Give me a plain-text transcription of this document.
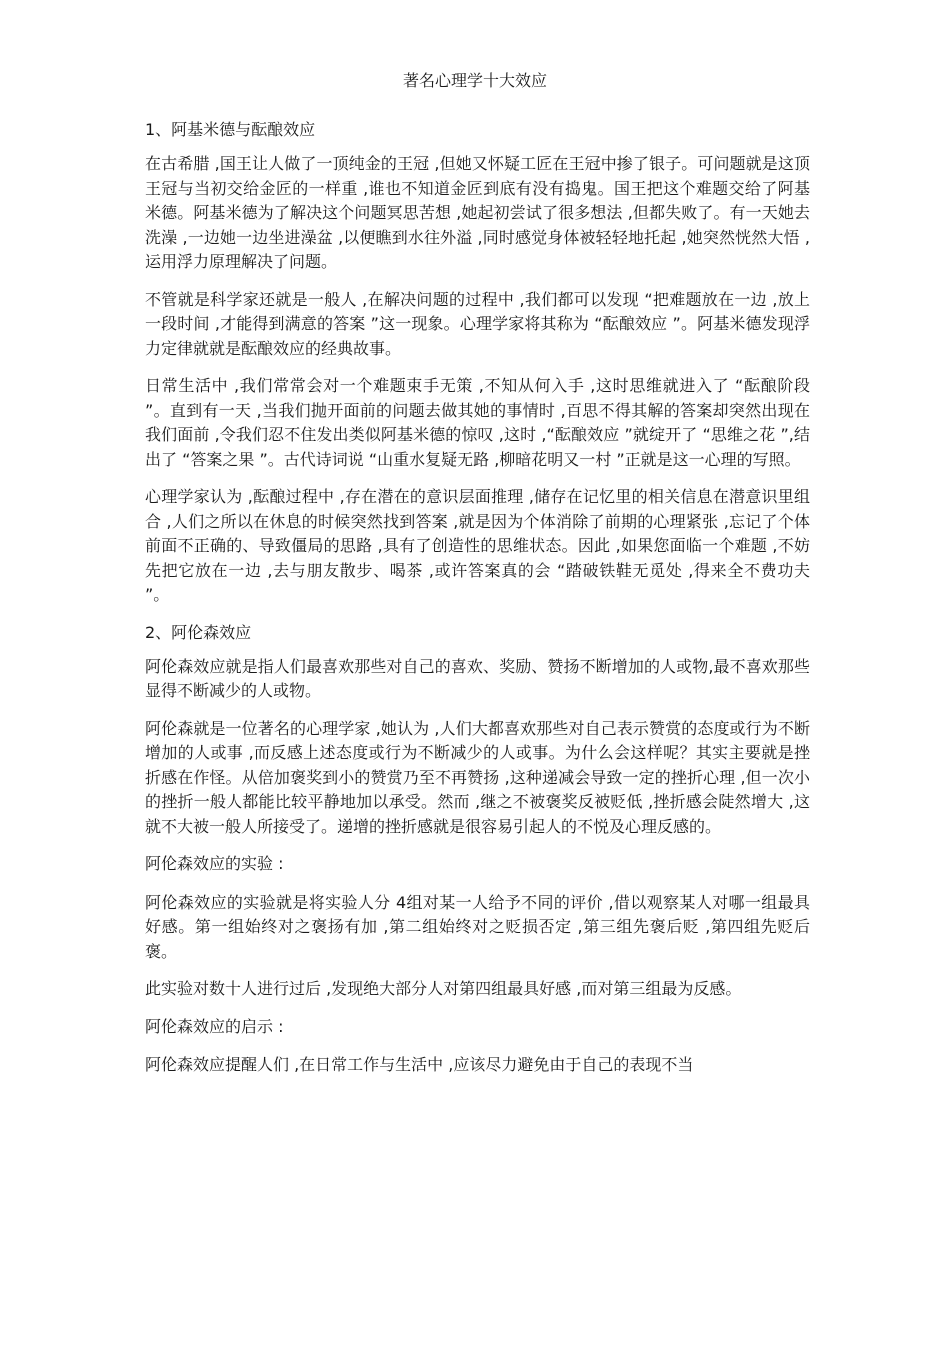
著名心理学十大效应
1、阿基米德与酝酿效应

在古希腊 ,国王让人做了一顶纯金的王冠 ,但她又怀疑工匠在王冠中掺了银子。可问题就是这顶王冠与当初交给金匠的一样重 ,谁也不知道金匠到底有没有捣鬼。国王把这个难题交给了阿基米德。阿基米德为了解决这个问题冥思苦想 ,她起初尝试了很多想法 ,但都失败了。有一天她去洗澡 ,一边她一边坐进澡盆 ,以便瞧到水往外溢 ,同时感觉身体被轻轻地托起 ,她突然恍然大悟 ,运用浮力原理解决了问题。

不管就是科学家还就是一般人 ,在解决问题的过程中 ,我们都可以发现 “把难题放在一边 ,放上一段时间 ,才能得到满意的答案 ”这一现象。心理学家将其称为 “酝酿效应 ”。阿基米德发现浮力定律就就是酝酿效应的经典故事。

日常生活中 ,我们常常会对一个难题束手无策 ,不知从何入手 ,这时思维就进入了 “酝酿阶段 ”。直到有一天 ,当我们抛开面前的问题去做其她的事情时 ,百思不得其解的答案却突然出现在我们面前 ,令我们忍不住发出类似阿基米德的惊叹 ,这时 ,“酝酿效应 ”就绽开了 “思维之花 ”,结出了 “答案之果 ”。古代诗词说 “山重水复疑无路 ,柳暗花明又一村 ”正就是这一心理的写照。

心理学家认为 ,酝酿过程中 ,存在潜在的意识层面推理 ,储存在记忆里的相关信息在潜意识里组合 ,人们之所以在休息的时候突然找到答案 ,就是因为个体消除了前期的心理紧张 ,忘记了个体前面不正确的、导致僵局的思路 ,具有了创造性的思维状态。因此 ,如果您面临一个难题 ,不妨先把它放在一边 ,去与朋友散步、喝茶 ,或许答案真的会 “踏破铁鞋无觅处 ,得来全不费功夫 ”。

2、阿伦森效应

阿伦森效应就是指人们最喜欢那些对自己的喜欢、奖励、赞扬不断增加的人或物,最不喜欢那些显得不断减少的人或物。

阿伦森就是一位著名的心理学家 ,她认为 ,人们大都喜欢那些对自己表示赞赏的态度或行为不断增加的人或事 ,而反感上述态度或行为不断减少的人或事。为什么会这样呢？其实主要就是挫折感在作怪。从倍加褒奖到小的赞赏乃至不再赞扬 ,这种递减会导致一定的挫折心理 ,但一次小的挫折一般人都能比较平静地加以承受。然而 ,继之不被褒奖反被贬低 ,挫折感会陡然增大 ,这就不大被一般人所接受了。递增的挫折感就是很容易引起人的不悦及心理反感的。

阿伦森效应的实验 :

阿伦森效应的实验就是将实验人分 4组对某一人给予不同的评价 ,借以观察某人对哪一组最具好感。第一组始终对之褒扬有加 ,第二组始终对之贬损否定 ,第三组先褒后贬 ,第四组先贬后褒。

此实验对数十人进行过后 ,发现绝大部分人对第四组最具好感 ,而对第三组最为反感。

阿伦森效应的启示 :

阿伦森效应提醒人们 ,在日常工作与生活中 ,应该尽力避免由于自己的表现不当
